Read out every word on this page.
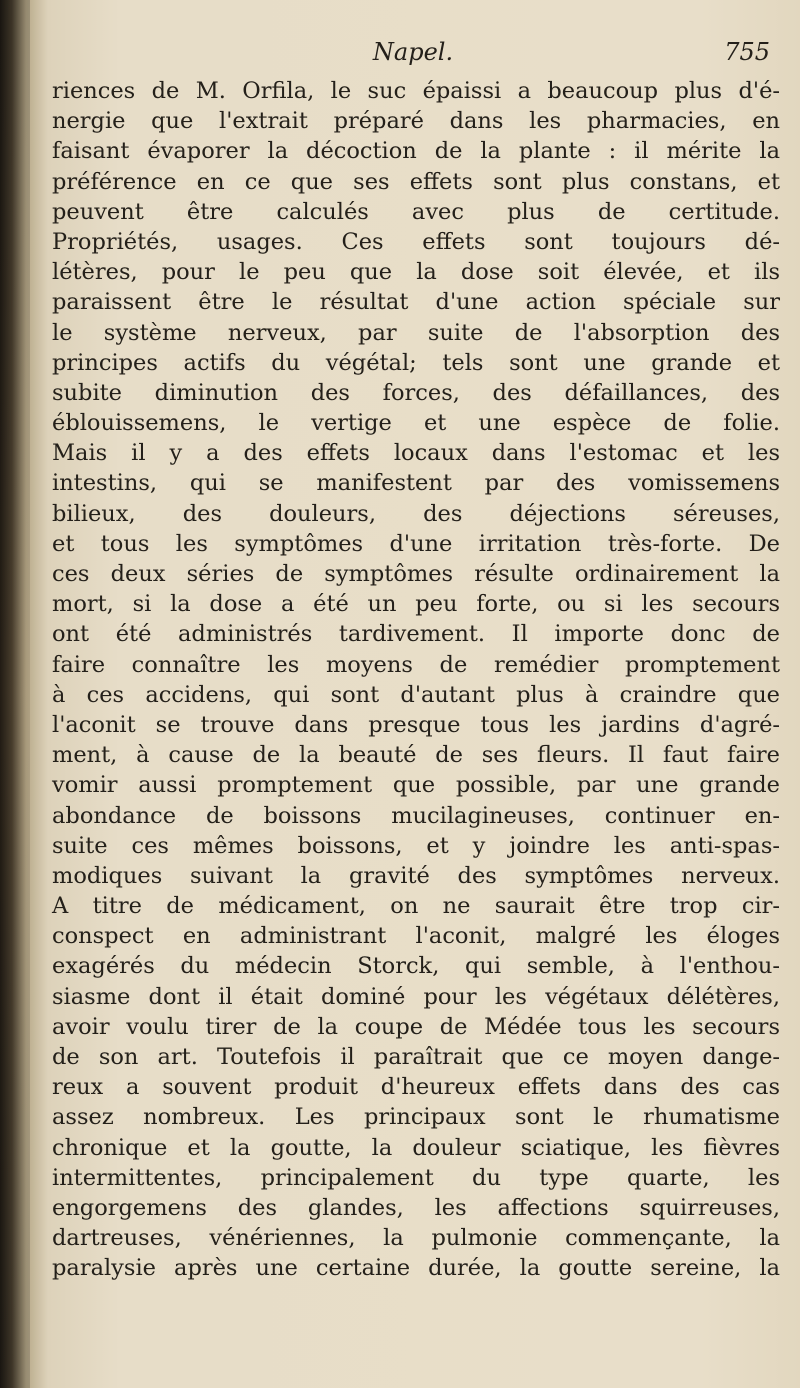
Napel.	755
riences de M. Orfila, le suc épaissi a beaucoup plus d'é-
nergie que l'extrait préparé dans les pharmacies, en
faisant évaporer la décoction de la plante : il mérite la
préférence en ce que ses effets sont plus constans, et
peuvent être calculés avec plus de certitude.
Propriétés, usages. Ces effets sont toujours dé-
létères, pour le peu que la dose soit élevée, et ils
paraissent être le résultat d'une action spéciale sur
le système nerveux, par suite de l'absorption des
principes actifs du végétal; tels sont une grande et
subite diminution des forces, des défaillances, des
éblouissemens, le vertige et une espèce de folie.
Mais il y a des effets locaux dans l'estomac et les
intestins, qui se manifestent par des vomissemens
bilieux, des douleurs, des déjections séreuses,
et tous les symptômes d'une irritation très-forte. De
ces deux séries de symptômes résulte ordinairement la
mort, si la dose a été un peu forte, ou si les secours
ont été administrés tardivement. Il importe donc de
faire connaître les moyens de remédier promptement
à ces accidens, qui sont d'autant plus à craindre que
l'aconit se trouve dans presque tous les jardins d'agré-
ment, à cause de la beauté de ses fleurs. Il faut faire
vomir aussi promptement que possible, par une grande
abondance de boissons mucilagineuses, continuer en-
suite ces mêmes boissons, et y joindre les anti-spas-
modiques suivant la gravité des symptômes nerveux.
A titre de médicament, on ne saurait être trop cir-
conspect en administrant l'aconit, malgré les éloges
exagérés du médecin Storck, qui semble, à l'enthou-
siasme dont il était dominé pour les végétaux délétères,
avoir voulu tirer de la coupe de Médée tous les secours
de son art. Toutefois il paraîtrait que ce moyen dange-
reux a souvent produit d'heureux effets dans des cas
assez nombreux. Les principaux sont le rhumatisme
chronique et la goutte, la douleur sciatique, les fièvres
intermittentes, principalement du type quarte, les
engorgemens des glandes, les affections squirreuses,
dartreuses, vénériennes, la pulmonie commençante, la
paralysie après une certaine durée, la goutte sereine, la
